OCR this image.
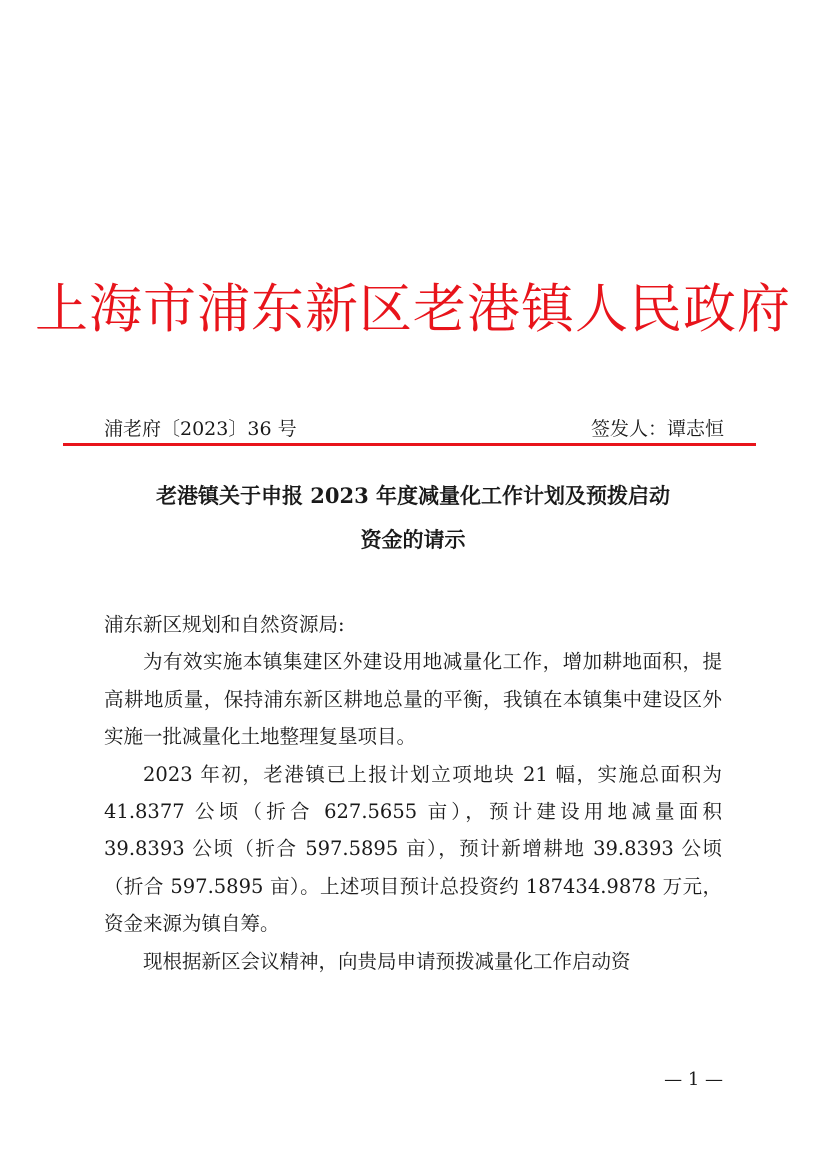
上海市浦东新区老港镇人民政府
浦老府〔2023〕36 号	签发人：谭志恒
老港镇关于申报 2023 年度减量化工作计划及预拨启动
资金的请示

浦东新区规划和自然资源局:

为有效实施本镇集建区外建设用地减量化工作，增加耕地面积，提高耕地质量，保持浦东新区耕地总量的平衡，我镇在本镇集中建设区外实施一批减量化土地整理复垦项目。

2023 年初，老港镇已上报计划立项地块 21 幅，实施总面积为 41.8377 公顷（折合 627.5655 亩），预计建设用地减量面积 39.8393 公顷（折合 597.5895 亩），预计新增耕地 39.8393 公顷（折合 597.5895 亩）。上述项目预计总投资约 187434.9878 万元，资金来源为镇自筹。

现根据新区会议精神，向贵局申请预拨减量化工作启动资

— 1 —
